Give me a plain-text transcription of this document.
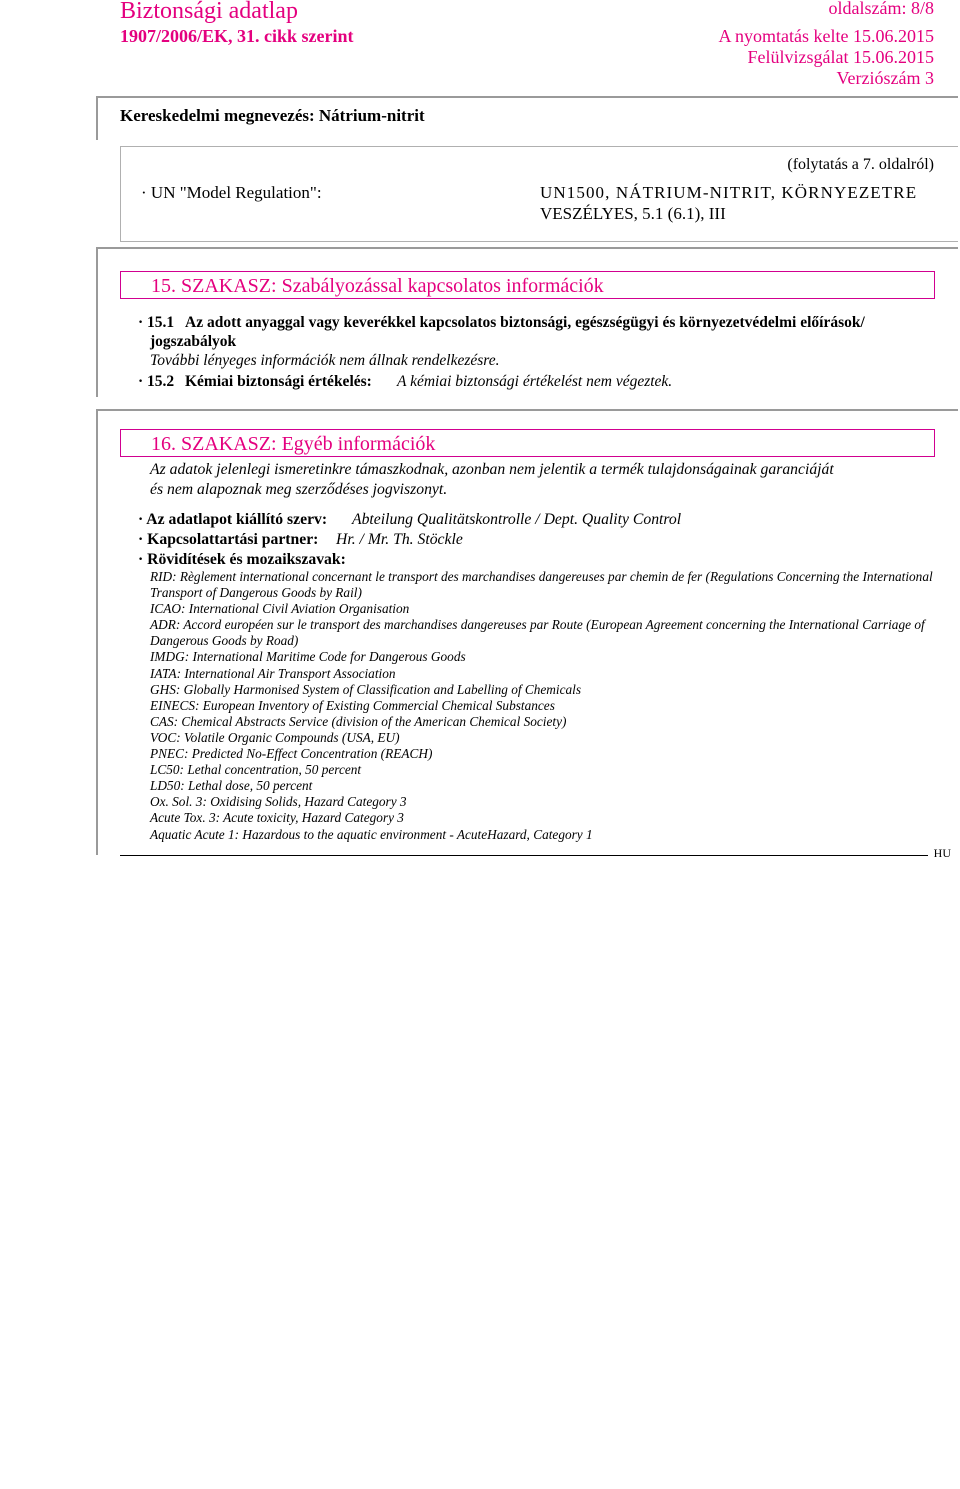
Biztonsági adatlap
1907/2006/EK, 31. cikk szerint
oldalszám: 8/8
A nyomtatás kelte 15.06.2015
Felülvizsgálat 15.06.2015
Verziószám 3
Kereskedelmi megnevezés: Nátrium-nitrit
(folytatás a 7. oldalról)
· UN "Model Regulation":	UN1500, NÁTRIUM-NITRIT, KÖRNYEZETRE
VESZÉLYES, 5.1 (6.1), III
15. SZAKASZ: Szabályozással kapcsolatos információk
· 15.1 Az adott anyaggal vagy keverékkel kapcsolatos biztonsági, egészségügyi és környezetvédelmi előírások/
jogszabályok
További lényeges információk nem állnak rendelkezésre.
· 15.2 Kémiai biztonsági értékelés: A kémiai biztonsági értékelést nem végeztek.
16. SZAKASZ: Egyéb információk
Az adatok jelenlegi ismeretinkre támaszkodnak, azonban nem jelentik a termék tulajdonságainak garanciáját
és nem alapoznak meg szerződéses jogviszonyt.
· Az adatlapot kiállító szerv: Abteilung Qualitätskontrolle / Dept. Quality Control
· Kapcsolattartási partner: Hr. / Mr. Th. Stöckle
· Rövidítések és mozaikszavak:
RID: Règlement international concernant le transport des marchandises dangereuses par chemin de fer (Regulations Concerning the International Transport of Dangerous Goods by Rail)
ICAO: International Civil Aviation Organisation
ADR: Accord européen sur le transport des marchandises dangereuses par Route (European Agreement concerning the International Carriage of Dangerous Goods by Road)
IMDG: International Maritime Code for Dangerous Goods
IATA: International Air Transport Association
GHS: Globally Harmonised System of Classification and Labelling of Chemicals
EINECS: European Inventory of Existing Commercial Chemical Substances
CAS: Chemical Abstracts Service (division of the American Chemical Society)
VOC: Volatile Organic Compounds (USA, EU)
PNEC: Predicted No-Effect Concentration (REACH)
LC50: Lethal concentration, 50 percent
LD50: Lethal dose, 50 percent
Ox. Sol. 3: Oxidising Solids, Hazard Category 3
Acute Tox. 3: Acute toxicity, Hazard Category 3
Aquatic Acute 1: Hazardous to the aquatic environment - AcuteHazard, Category 1
HU
